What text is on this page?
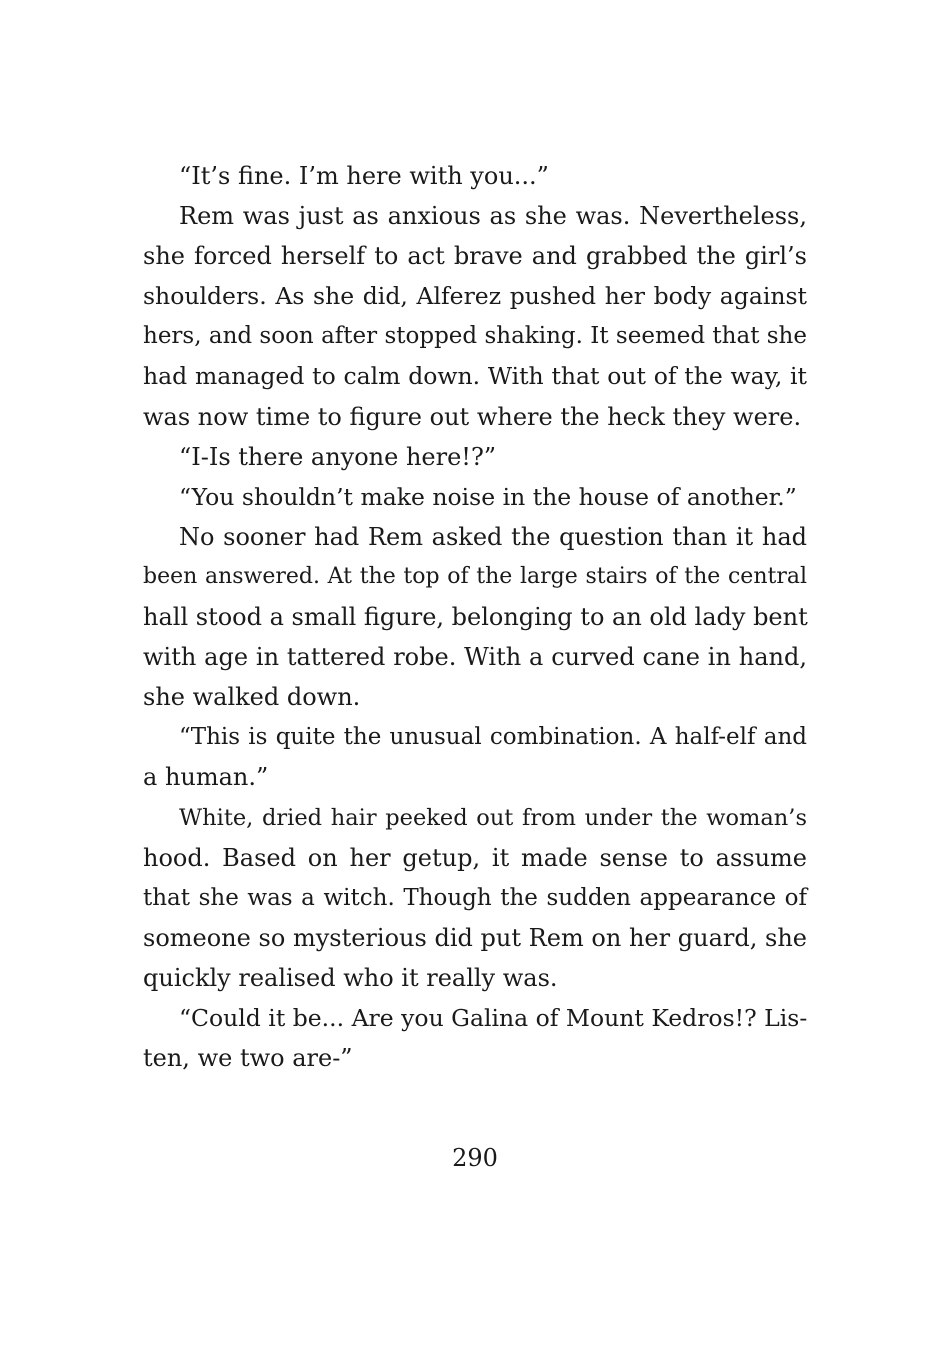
“It’s fine. I’m here with you...”
Rem was just as anxious as she was. Nevertheless,
she forced herself to act brave and grabbed the girl’s
shoulders. As she did, Alferez pushed her body against
hers, and soon after stopped shaking. It seemed that she
had managed to calm down. With that out of the way, it
was now time to figure out where the heck they were.
“I-Is there anyone here!?”
“You shouldn’t make noise in the house of another.”
No sooner had Rem asked the question than it had
been answered. At the top of the large stairs of the central
hall stood a small figure, belonging to an old lady bent
with age in tattered robe. With a curved cane in hand,
she walked down.
“This is quite the unusual combination. A half-elf and
a human.”
White, dried hair peeked out from under the woman’s
hood. Based on her getup, it made sense to assume
that she was a witch. Though the sudden appearance of
someone so mysterious did put Rem on her guard, she
quickly realised who it really was.
“Could it be... Are you Galina of Mount Kedros!? Lis-
ten, we two are-”
290
